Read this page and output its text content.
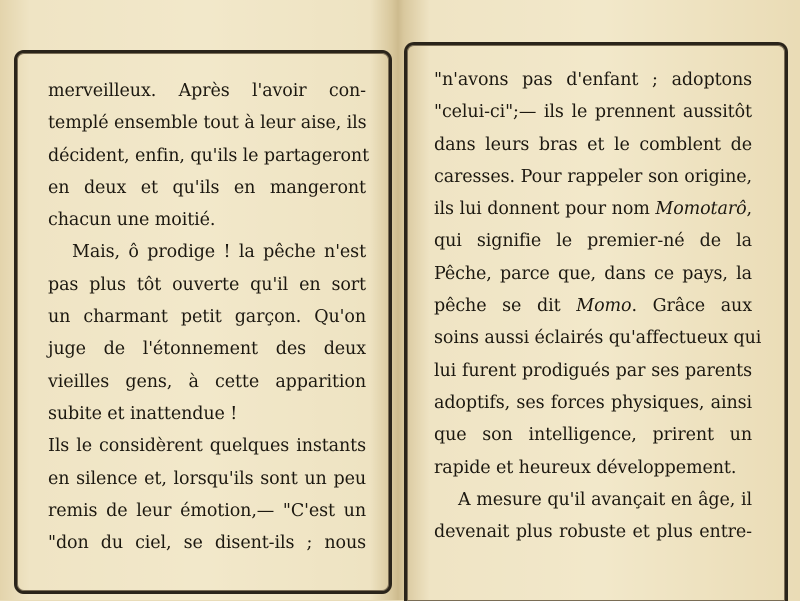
merveilleux. Après l'avoir con-
templé ensemble tout à leur aise, ils
décident, enfin, qu'ils le partageront
en deux et qu'ils en mangeront
chacun une moitié.
Mais, ô prodige ! la pêche n'est
pas plus tôt ouverte qu'il en sort
un charmant petit garçon. Qu'on
juge de l'étonnement des deux
vieilles gens, à cette apparition
subite et inattendue !
Ils le considèrent quelques instants
en silence et, lorsqu'ils sont un peu
remis de leur émotion,— "C'est un
"don du ciel, se disent-ils ; nous
"n'avons pas d'enfant ; adoptons
"celui-ci";— ils le prennent aussitôt
dans leurs bras et le comblent de
caresses. Pour rappeler son origine,
ils lui donnent pour nom Momotarô,
qui signifie le premier-né de la
Pêche, parce que, dans ce pays, la
pêche se dit Momo. Grâce aux
soins aussi éclairés qu'affectueux qui
lui furent prodigués par ses parents
adoptifs, ses forces physiques, ainsi
que son intelligence, prirent un
rapide et heureux développement.
A mesure qu'il avançait en âge, il
devenait plus robuste et plus entre-
